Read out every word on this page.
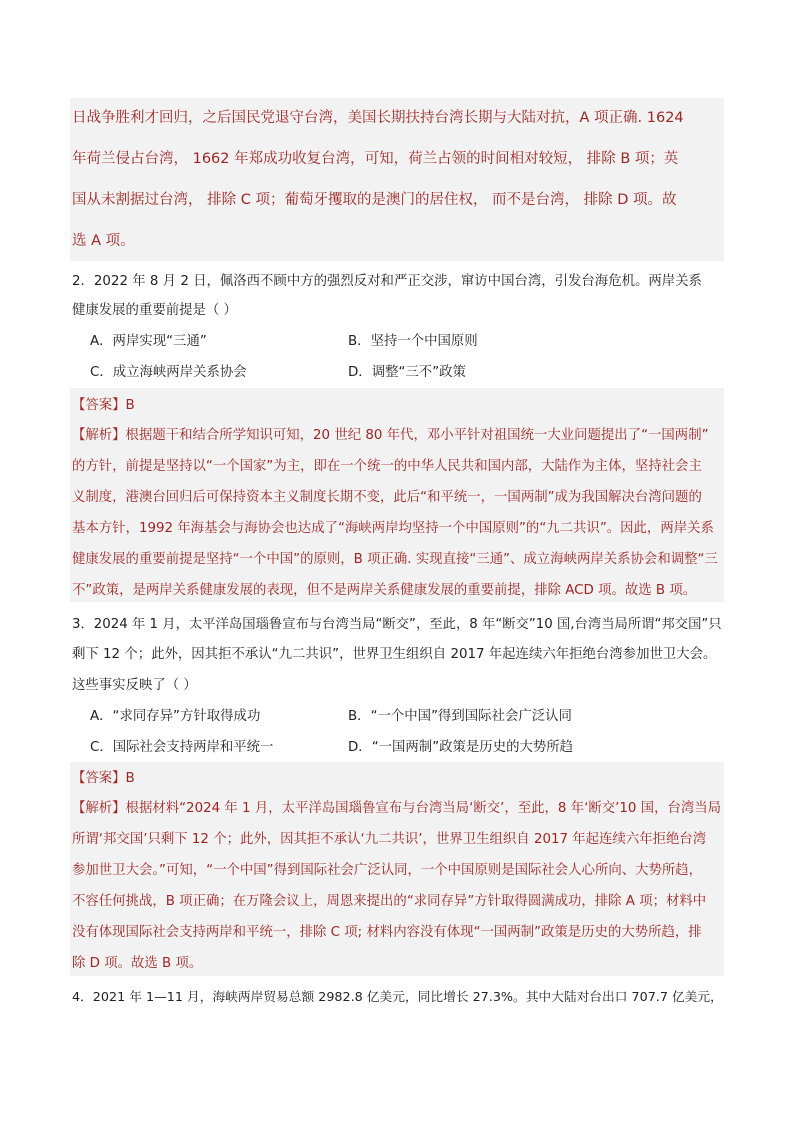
日战争胜利才回归，之后国民党退守台湾，美国长期扶持台湾长期与大陆对抗，A 项正确. 1624
年荷兰侵占台湾， 1662 年郑成功收复台湾，可知，荷兰占领的时间相对较短， 排除 B 项；英
国从未割据过台湾， 排除 C 项；葡萄牙攫取的是澳门的居住权， 而不是台湾， 排除 D 项。故
选 A 项。
2．2022 年 8 月 2 日，佩洛西不顾中方的强烈反对和严正交涉，窜访中国台湾，引发台海危机。两岸关系
健康发展的重要前提是（ ）
A．两岸实现“三通”	B．坚持一个中国原则
C．成立海峡两岸关系协会	D．调整“三不”政策
【答案】B
【解析】根据题干和结合所学知识可知，20 世纪 80 年代，邓小平针对祖国统一大业问题提出了“一国两制”
的方针，前提是坚持以“一个国家”为主，即在一个统一的中华人民共和国内部，大陆作为主体，坚持社会主
义制度，港澳台回归后可保持资本主义制度长期不变，此后“和平统一，一国两制”成为我国解决台湾问题的
基本方针，1992 年海基会与海协会也达成了“海峡两岸均坚持一个中国原则”的“九二共识”。因此，两岸关系
健康发展的重要前提是坚持“一个中国”的原则，B 项正确. 实现直接“三通”、成立海峡两岸关系协会和调整“三
不”政策，是两岸关系健康发展的表现，但不是两岸关系健康发展的重要前提，排除 ACD 项。故选 B 项。
3．2024 年 1 月，太平洋岛国瑙鲁宣布与台湾当局“断交”，至此，8 年“断交”10 国,台湾当局所谓“邦交国”只
剩下 12 个；此外，因其拒不承认“九二共识”，世界卫生组织自 2017 年起连续六年拒绝台湾参加世卫大会。
这些事实反映了（ ）
A．“求同存异”方针取得成功	B．“一个中国”得到国际社会广泛认同
C．国际社会支持两岸和平统一	D．“一国两制”政策是历史的大势所趋
【答案】B
【解析】根据材料“2024 年 1 月，太平洋岛国瑙鲁宣布与台湾当局‘断交’，至此，8 年‘断交’10 国，台湾当局
所谓‘邦交国’只剩下 12 个；此外，因其拒不承认‘九二共识’，世界卫生组织自 2017 年起连续六年拒绝台湾
参加世卫大会。”可知，“一个中国”得到国际社会广泛认同，一个中国原则是国际社会人心所向、大势所趋，
不容任何挑战，B 项正确；在万隆会议上，周恩来提出的“求同存异”方针取得圆满成功，排除 A 项；材料中
没有体现国际社会支持两岸和平统一，排除 C 项; 材料内容没有体现“一国两制”政策是历史的大势所趋，排
除 D 项。故选 B 项。
4．2021 年 1—11 月，海峡两岸贸易总额 2982.8 亿美元，同比增长 27.3%。其中大陆对台出口 707.7 亿美元，
